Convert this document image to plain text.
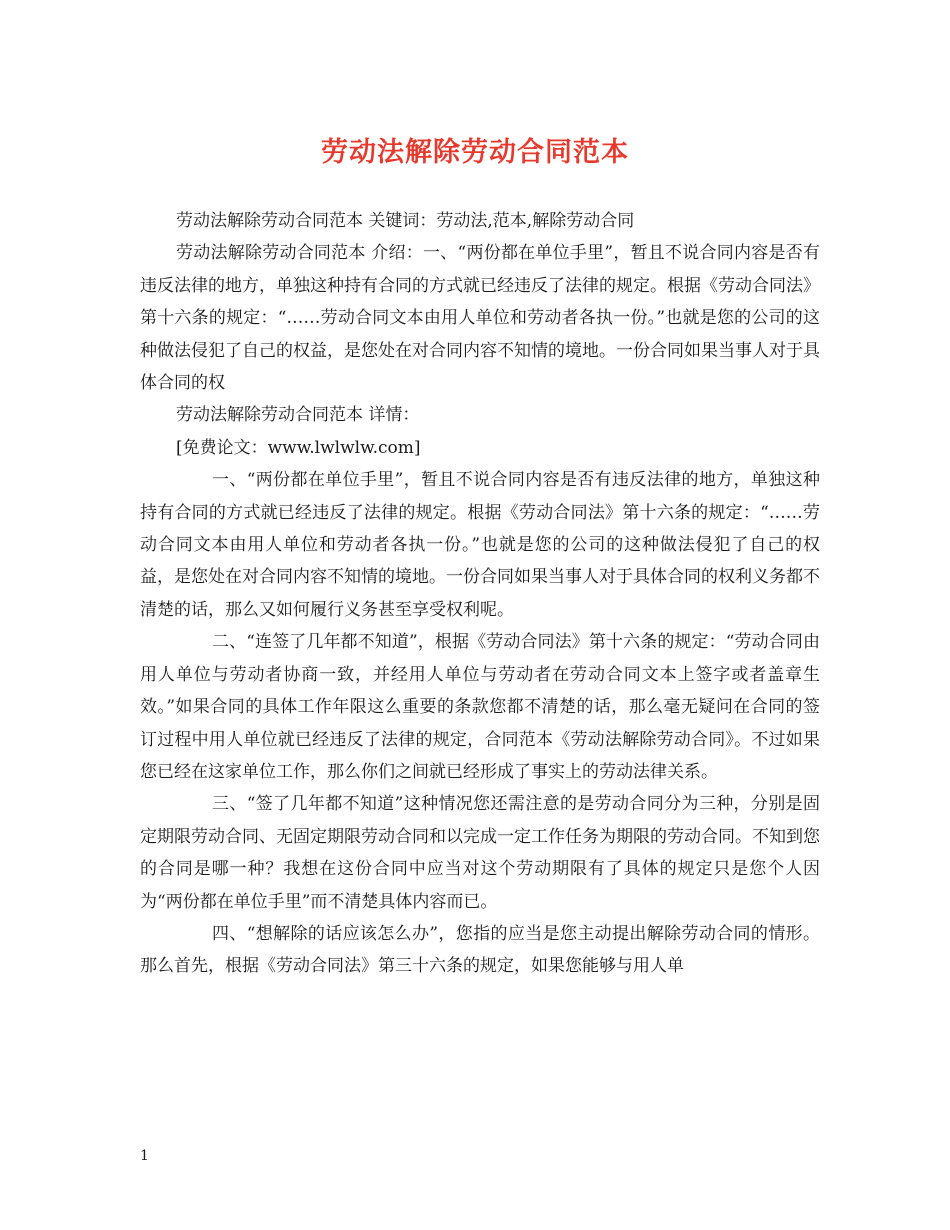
劳动法解除劳动合同范本

劳动法解除劳动合同范本 关键词：劳动法,范本,解除劳动合同

劳动法解除劳动合同范本 介绍：一、“两份都在单位手里”，暂且不说合同内容是否有违反法律的地方，单独这种持有合同的方式就已经违反了法律的规定。根据《劳动合同法》第十六条的规定：“……劳动合同文本由用人单位和劳动者各执一份。”也就是您的公司的这种做法侵犯了自己的权益，是您处在对合同内容不知情的境地。一份合同如果当事人对于具体合同的权

劳动法解除劳动合同范本 详情：

[免费论文：www.lwlwlw.com]

一、“两份都在单位手里”，暂且不说合同内容是否有违反法律的地方，单独这种持有合同的方式就已经违反了法律的规定。根据《劳动合同法》第十六条的规定：“……劳动合同文本由用人单位和劳动者各执一份。”也就是您的公司的这种做法侵犯了自己的权益，是您处在对合同内容不知情的境地。一份合同如果当事人对于具体合同的权利义务都不清楚的话，那么又如何履行义务甚至享受权利呢。

二、“连签了几年都不知道”，根据《劳动合同法》第十六条的规定：“劳动合同由用人单位与劳动者协商一致，并经用人单位与劳动者在劳动合同文本上签字或者盖章生效。”如果合同的具体工作年限这么重要的条款您都不清楚的话，那么毫无疑问在合同的签订过程中用人单位就已经违反了法律的规定，合同范本《劳动法解除劳动合同》。不过如果您已经在这家单位工作，那么你们之间就已经形成了事实上的劳动法律关系。

三、“签了几年都不知道”这种情况您还需注意的是劳动合同分为三种，分别是固定期限劳动合同、无固定期限劳动合同和以完成一定工作任务为期限的劳动合同。不知到您的合同是哪一种？我想在这份合同中应当对这个劳动期限有了具体的规定只是您个人因为“两份都在单位手里”而不清楚具体内容而已。

四、“想解除的话应该怎么办”，您指的应当是您主动提出解除劳动合同的情形。那么首先，根据《劳动合同法》第三十六条的规定，如果您能够与用人单

1
